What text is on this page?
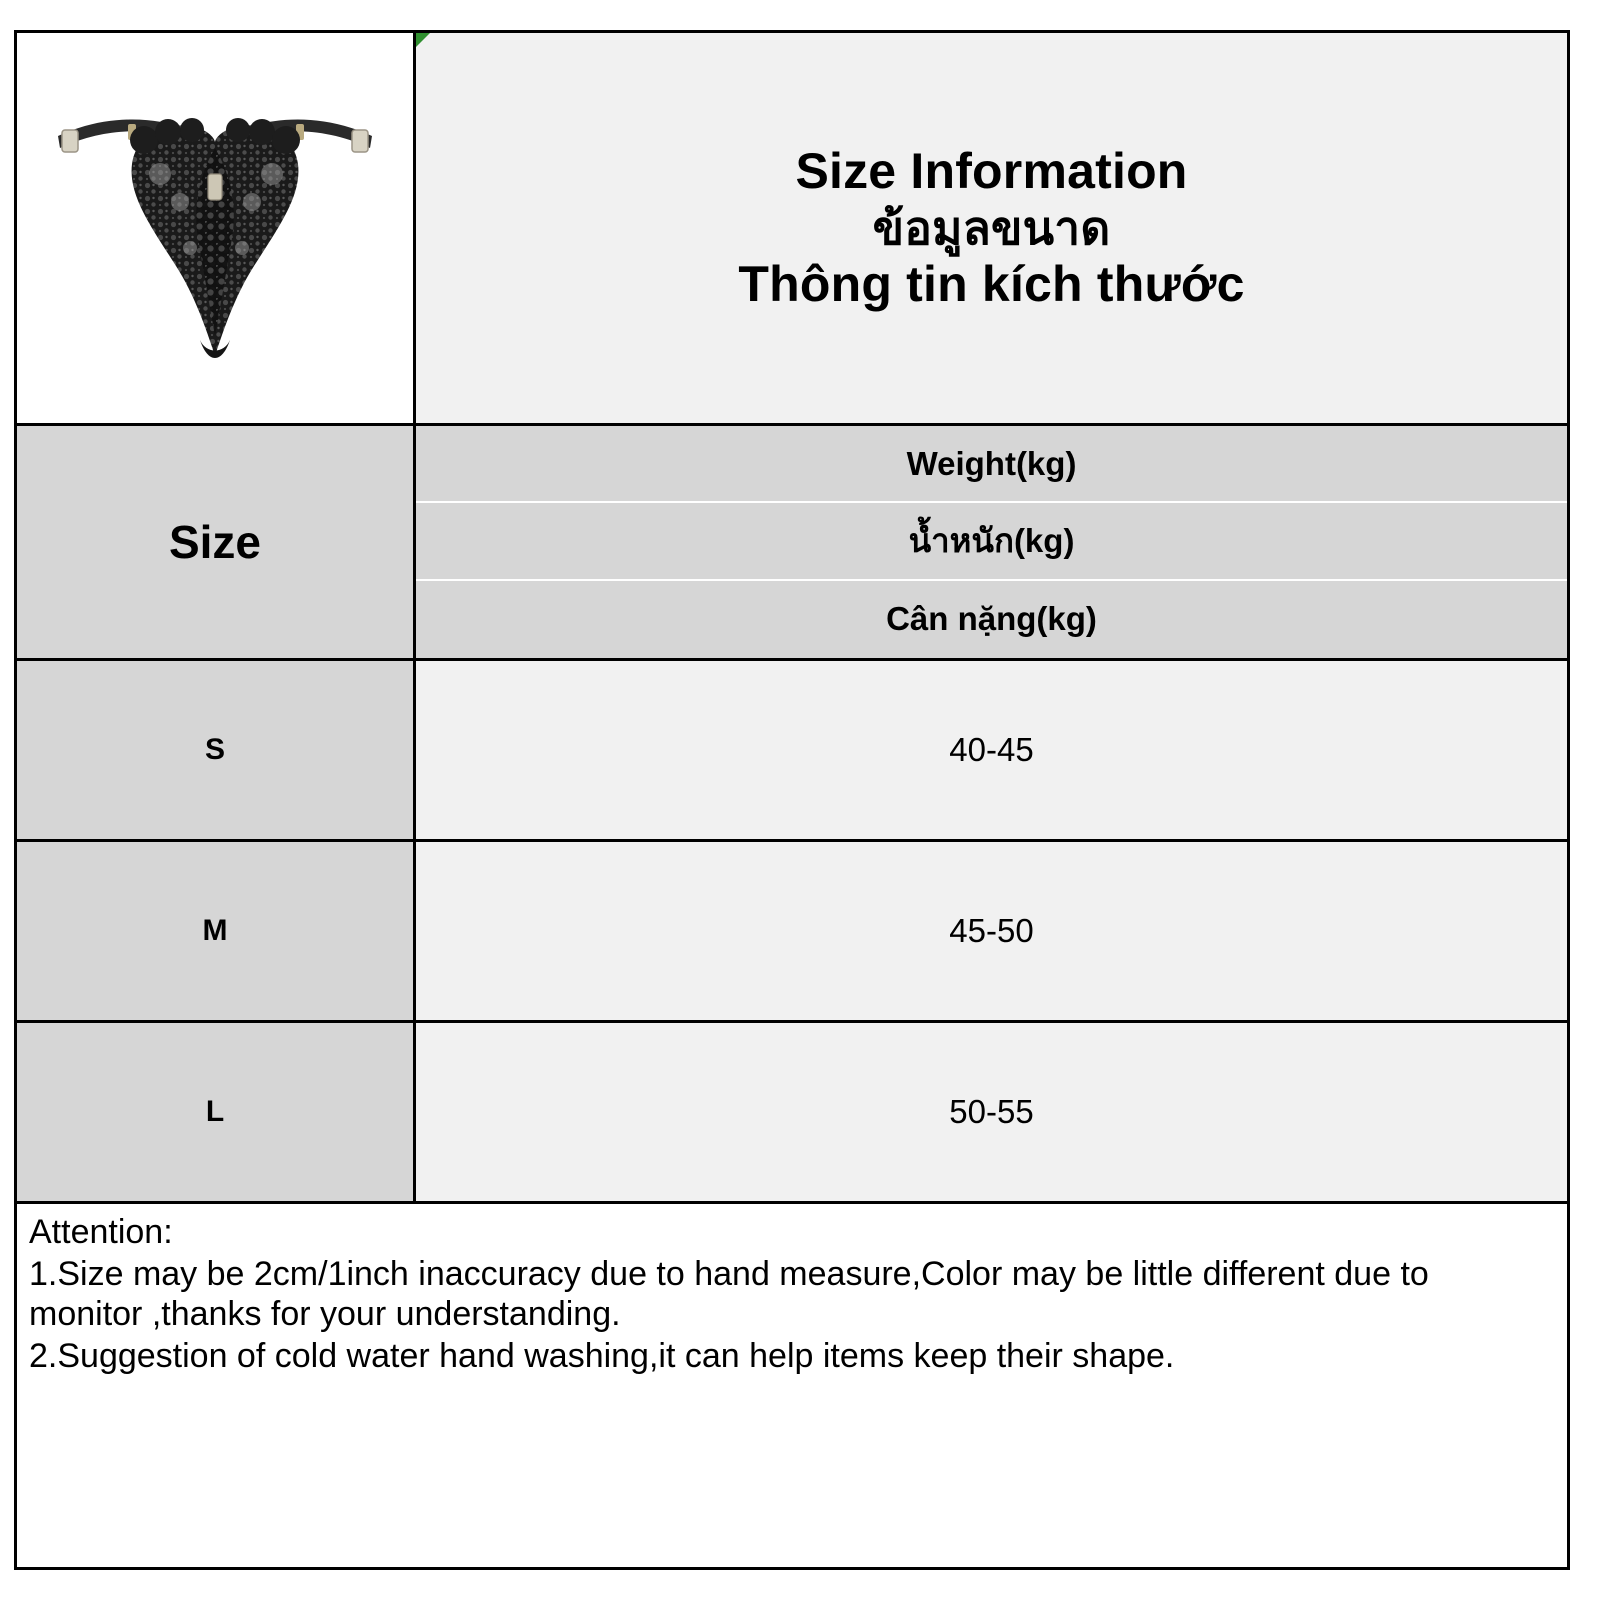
Size Information
ข้อมูลขนาด
Thông tin kích thước
Size
Weight(kg)
น้ำหนัก(kg)
Cân nặng(kg)
S	40-45
M	45-50
L	50-55

Attention:

1.Size may be 2cm/1inch inaccuracy due to hand measure,Color may be little different due to monitor ,thanks for your understanding.

2.Suggestion of cold water hand washing,it can help items keep their shape.
